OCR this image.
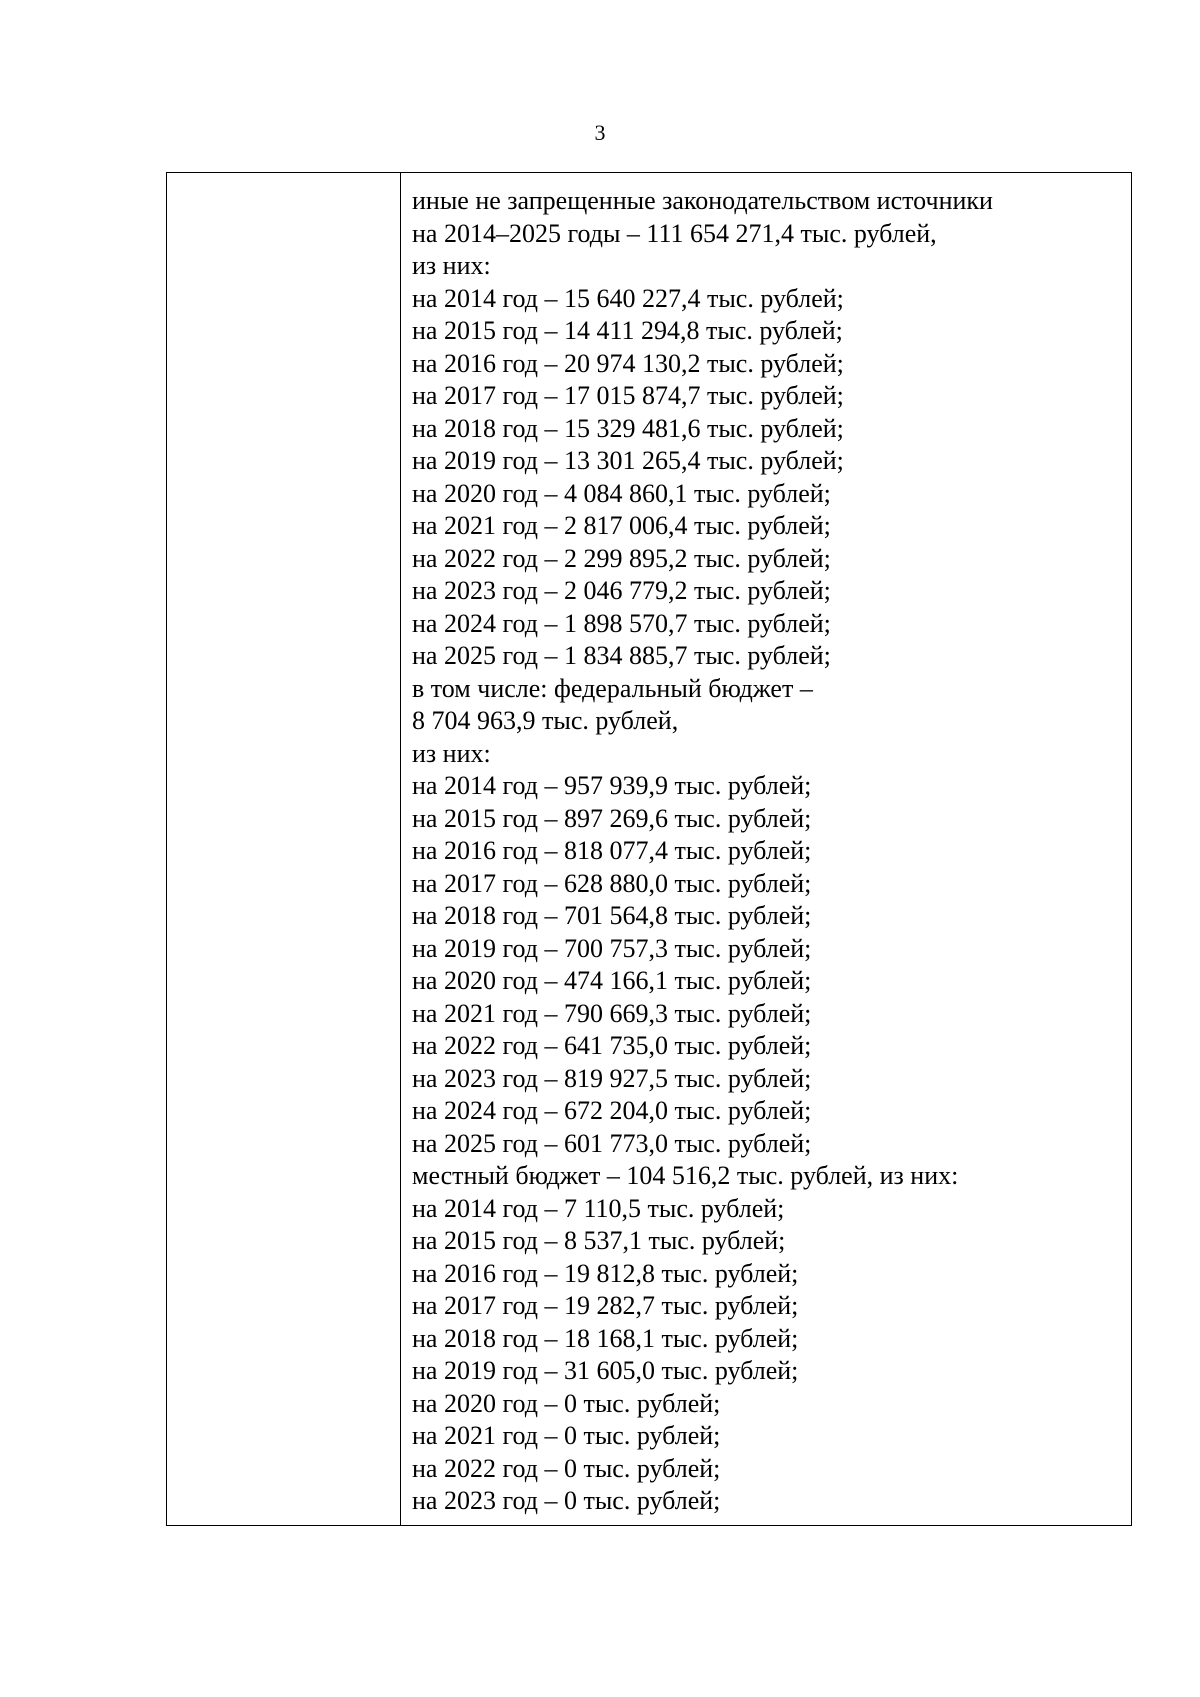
3
иные не запрещенные законодательством источники
на 2014–2025 годы – 111 654 271,4 тыс. рублей,
из них:
на 2014 год – 15 640 227,4 тыс. рублей;
на 2015 год – 14 411 294,8 тыс. рублей;
на 2016 год – 20 974 130,2 тыс. рублей;
на 2017 год – 17 015 874,7 тыс. рублей;
на 2018 год – 15 329 481,6 тыс. рублей;
на 2019 год – 13 301 265,4 тыс. рублей;
на 2020 год – 4 084 860,1 тыс. рублей;
на 2021 год – 2 817 006,4 тыс. рублей;
на 2022 год – 2 299 895,2 тыс. рублей;
на 2023 год – 2 046 779,2 тыс. рублей;
на 2024 год – 1 898 570,7 тыс. рублей;
на 2025 год – 1 834 885,7 тыс. рублей;
в том числе: федеральный бюджет –
8 704 963,9 тыс. рублей,
из них:
на 2014 год – 957 939,9 тыс. рублей;
на 2015 год – 897 269,6 тыс. рублей;
на 2016 год – 818 077,4 тыс. рублей;
на 2017 год – 628 880,0 тыс. рублей;
на 2018 год – 701 564,8 тыс. рублей;
на 2019 год – 700 757,3 тыс. рублей;
на 2020 год – 474 166,1 тыс. рублей;
на 2021 год – 790 669,3 тыс. рублей;
на 2022 год – 641 735,0 тыс. рублей;
на 2023 год – 819 927,5 тыс. рублей;
на 2024 год – 672 204,0 тыс. рублей;
на 2025 год – 601 773,0 тыс. рублей;
местный бюджет – 104 516,2 тыс. рублей, из них:
на 2014 год – 7 110,5 тыс. рублей;
на 2015 год – 8 537,1 тыс. рублей;
на 2016 год – 19 812,8 тыс. рублей;
на 2017 год – 19 282,7 тыс. рублей;
на 2018 год – 18 168,1 тыс. рублей;
на 2019 год – 31 605,0 тыс. рублей;
на 2020 год – 0 тыс. рублей;
на 2021 год – 0 тыс. рублей;
на 2022 год – 0 тыс. рублей;
на 2023 год – 0 тыс. рублей;
